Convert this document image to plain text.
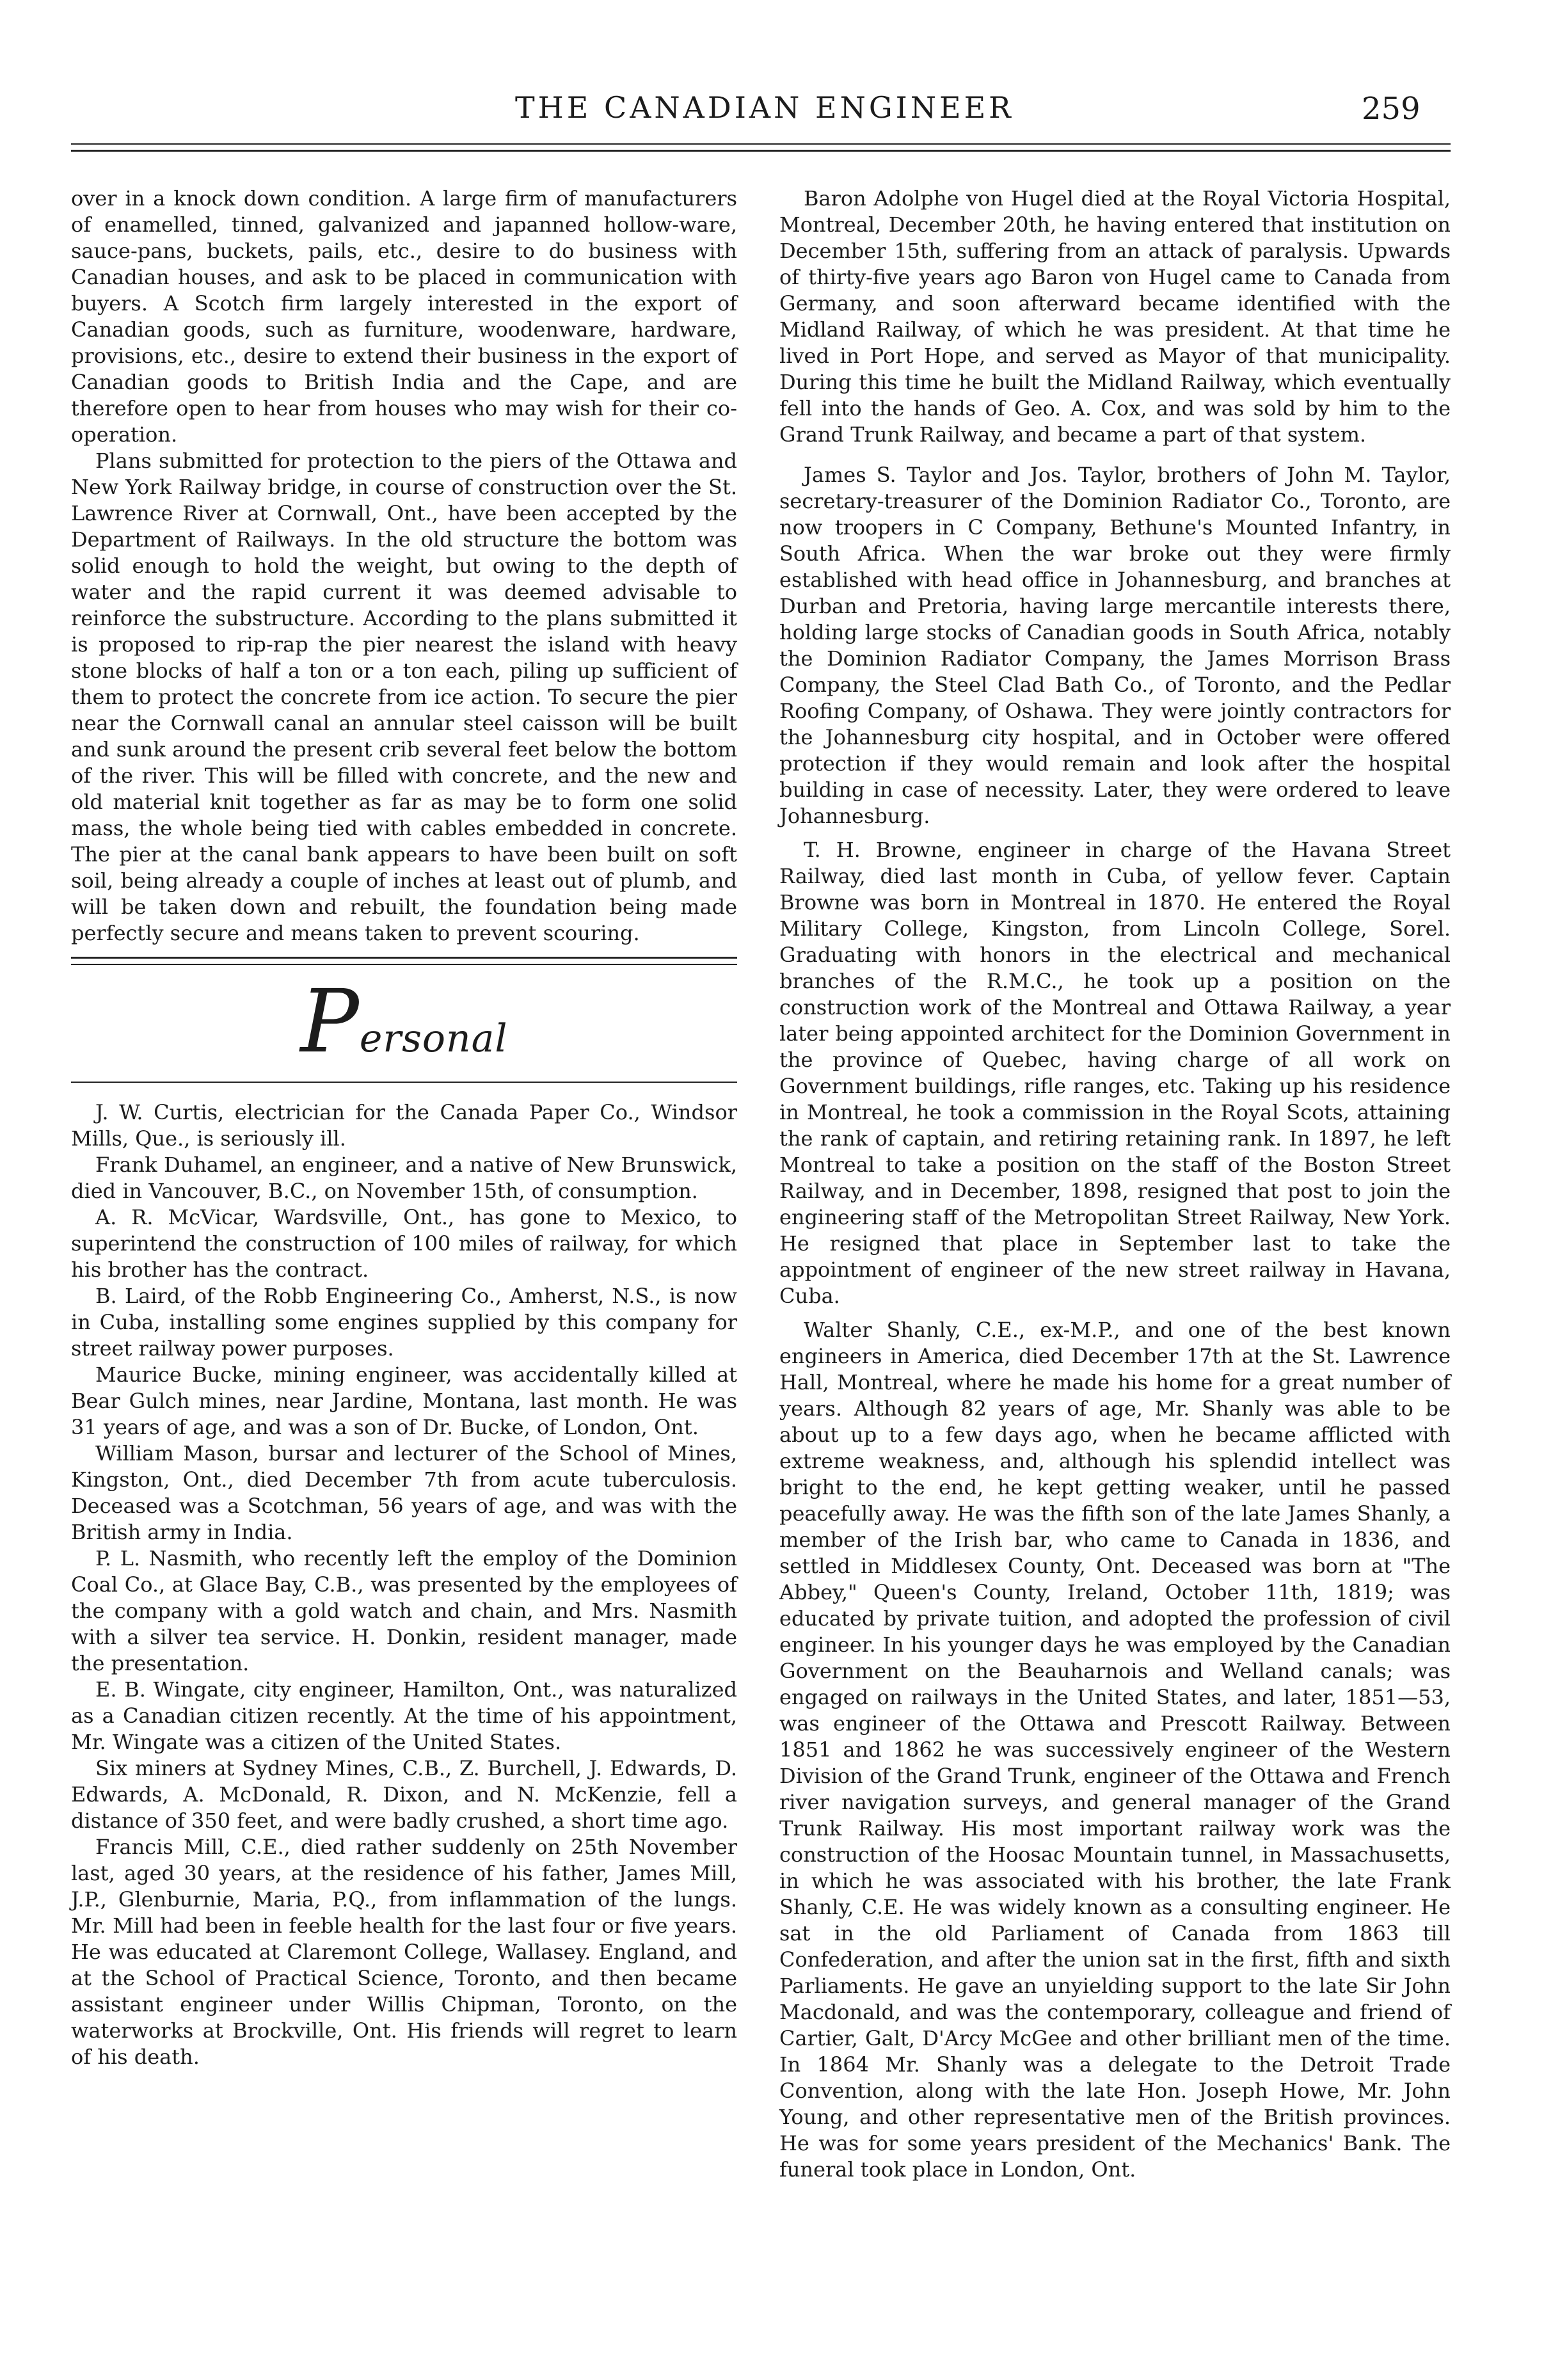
THE CANADIAN ENGINEER	259

over in a knock down condition. A large firm of manufacturers of enamelled, tinned, galvanized and japanned hollow-ware, sauce-pans, buckets, pails, etc., desire to do business with Canadian houses, and ask to be placed in communication with buyers. A Scotch firm largely interested in the export of Canadian goods, such as furniture, woodenware, hardware, provisions, etc., desire to extend their business in the export of Canadian goods to British India and the Cape, and are therefore open to hear from houses who may wish for their co-operation.

Plans submitted for protection to the piers of the Ottawa and New York Railway bridge, in course of construction over the St. Lawrence River at Cornwall, Ont., have been accepted by the Department of Railways. In the old structure the bottom was solid enough to hold the weight, but owing to the depth of water and the rapid current it was deemed advisable to reinforce the substructure. According to the plans submitted it is proposed to rip-rap the pier nearest the island with heavy stone blocks of half a ton or a ton each, piling up sufficient of them to protect the concrete from ice action. To secure the pier near the Cornwall canal an annular steel caisson will be built and sunk around the present crib several feet below the bottom of the river. This will be filled with concrete, and the new and old material knit together as far as may be to form one solid mass, the whole being tied with cables embedded in concrete. The pier at the canal bank appears to have been built on soft soil, being already a couple of inches at least out of plumb, and will be taken down and rebuilt, the foundation being made perfectly secure and means taken to prevent scouring.

Personal

J. W. Curtis, electrician for the Canada Paper Co., Windsor Mills, Que., is seriously ill.

Frank Duhamel, an engineer, and a native of New Brunswick, died in Vancouver, B.C., on November 15th, of consumption.

A. R. McVicar, Wardsville, Ont., has gone to Mexico, to superintend the construction of 100 miles of railway, for which his brother has the contract.

B. Laird, of the Robb Engineering Co., Amherst, N.S., is now in Cuba, installing some engines supplied by this company for street railway power purposes.

Maurice Bucke, mining engineer, was accidentally killed at Bear Gulch mines, near Jardine, Montana, last month. He was 31 years of age, and was a son of Dr. Bucke, of London, Ont.

William Mason, bursar and lecturer of the School of Mines, Kingston, Ont., died December 7th from acute tuberculosis. Deceased was a Scotchman, 56 years of age, and was with the British army in India.

P. L. Nasmith, who recently left the employ of the Dominion Coal Co., at Glace Bay, C.B., was presented by the employees of the company with a gold watch and chain, and Mrs. Nasmith with a silver tea service. H. Donkin, resident manager, made the presentation.

E. B. Wingate, city engineer, Hamilton, Ont., was naturalized as a Canadian citizen recently. At the time of his appointment, Mr. Wingate was a citizen of the United States.

Six miners at Sydney Mines, C.B., Z. Burchell, J. Edwards, D. Edwards, A. McDonald, R. Dixon, and N. McKenzie, fell a distance of 350 feet, and were badly crushed, a short time ago.

Francis Mill, C.E., died rather suddenly on 25th November last, aged 30 years, at the residence of his father, James Mill, J.P., Glenburnie, Maria, P.Q., from inflammation of the lungs. Mr. Mill had been in feeble health for the last four or five years. He was educated at Claremont College, Wallasey. England, and at the School of Practical Science, Toronto, and then became assistant engineer under Willis Chipman, Toronto, on the waterworks at Brockville, Ont. His friends will regret to learn of his death.

Baron Adolphe von Hugel died at the Royal Victoria Hospital, Montreal, December 20th, he having entered that institution on December 15th, suffering from an attack of paralysis. Upwards of thirty-five years ago Baron von Hugel came to Canada from Germany, and soon afterward became identified with the Midland Railway, of which he was president. At that time he lived in Port Hope, and served as Mayor of that municipality. During this time he built the Midland Railway, which eventually fell into the hands of Geo. A. Cox, and was sold by him to the Grand Trunk Railway, and became a part of that system.

James S. Taylor and Jos. Taylor, brothers of John M. Taylor, secretary-treasurer of the Dominion Radiator Co., Toronto, are now troopers in C Company, Bethune's Mounted Infantry, in South Africa. When the war broke out they were firmly established with head office in Johannesburg, and branches at Durban and Pretoria, having large mercantile interests there, holding large stocks of Canadian goods in South Africa, notably the Dominion Radiator Company, the James Morrison Brass Company, the Steel Clad Bath Co., of Toronto, and the Pedlar Roofing Company, of Oshawa. They were jointly contractors for the Johannesburg city hospital, and in October were offered protection if they would remain and look after the hospital building in case of necessity. Later, they were ordered to leave Johannesburg.

T. H. Browne, engineer in charge of the Havana Street Railway, died last month in Cuba, of yellow fever. Captain Browne was born in Montreal in 1870. He entered the Royal Military College, Kingston, from Lincoln College, Sorel. Graduating with honors in the electrical and mechanical branches of the R.M.C., he took up a position on the construction work of the Montreal and Ottawa Railway, a year later being appointed architect for the Dominion Government in the province of Quebec, having charge of all work on Government buildings, rifle ranges, etc. Taking up his residence in Montreal, he took a commission in the Royal Scots, attaining the rank of captain, and retiring retaining rank. In 1897, he left Montreal to take a position on the staff of the Boston Street Railway, and in December, 1898, resigned that post to join the engineering staff of the Metropolitan Street Railway, New York. He resigned that place in September last to take the appointment of engineer of the new street railway in Havana, Cuba.

Walter Shanly, C.E., ex-M.P., and one of the best known engineers in America, died December 17th at the St. Lawrence Hall, Montreal, where he made his home for a great number of years. Although 82 years of age, Mr. Shanly was able to be about up to a few days ago, when he became afflicted with extreme weakness, and, although his splendid intellect was bright to the end, he kept getting weaker, until he passed peacefully away. He was the fifth son of the late James Shanly, a member of the Irish bar, who came to Canada in 1836, and settled in Middlesex County, Ont. Deceased was born at "The Abbey," Queen's County, Ireland, October 11th, 1819; was educated by private tuition, and adopted the profession of civil engineer. In his younger days he was employed by the Canadian Government on the Beauharnois and Welland canals; was engaged on railways in the United States, and later, 1851—53, was engineer of the Ottawa and Prescott Railway. Between 1851 and 1862 he was successively engineer of the Western Division of the Grand Trunk, engineer of the Ottawa and French river navigation surveys, and general manager of the Grand Trunk Railway. His most important railway work was the construction of the Hoosac Mountain tunnel, in Massachusetts, in which he was associated with his brother, the late Frank Shanly, C.E. He was widely known as a consulting engineer. He sat in the old Parliament of Canada from 1863 till Confederation, and after the union sat in the first, fifth and sixth Parliaments. He gave an unyielding support to the late Sir John Macdonald, and was the contemporary, colleague and friend of Cartier, Galt, D'Arcy McGee and other brilliant men of the time. In 1864 Mr. Shanly was a delegate to the Detroit Trade Convention, along with the late Hon. Joseph Howe, Mr. John Young, and other representative men of the British provinces. He was for some years president of the Mechanics' Bank. The funeral took place in London, Ont.
